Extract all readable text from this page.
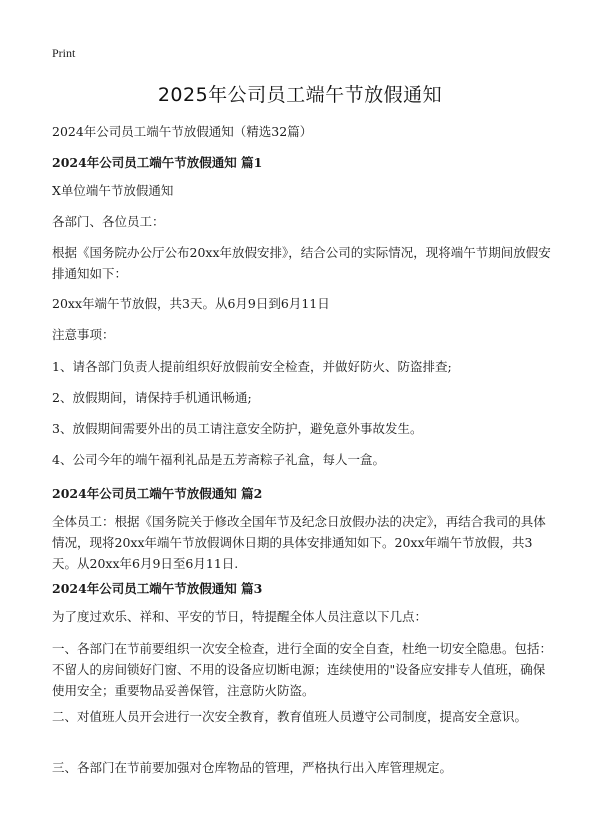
Print
2025年公司员工端午节放假通知

2024年公司员工端午节放假通知（精选32篇）

2024年公司员工端午节放假通知 篇1

X单位端午节放假通知

各部门、各位员工：

根据《国务院办公厅公布20xx年放假安排》，结合公司的实际情况，现将端午节期间放假安排通知如下：

20xx年端午节放假，共3天。从6月9日到6月11日

注意事项：

1、请各部门负责人提前组织好放假前安全检查，并做好防火、防盗排查;

2、放假期间，请保持手机通讯畅通;

3、放假期间需要外出的员工请注意安全防护，避免意外事故发生。

4、公司今年的端午福利礼品是五芳斋粽子礼盒，每人一盒。

2024年公司员工端午节放假通知 篇2

全体员工：根据《国务院关于修改全国年节及纪念日放假办法的决定》，再结合我司的具体情况，现将20xx年端午节放假调休日期的具体安排通知如下。20xx年端午节放假，共3天。从20xx年6月9日至6月11日.

2024年公司员工端午节放假通知 篇3

为了度过欢乐、祥和、平安的节日，特提醒全体人员注意以下几点：

一、各部门在节前要组织一次安全检查，进行全面的安全自查，杜绝一切安全隐患。包括：不留人的房间锁好门窗、不用的设备应切断电源；连续使用的"设备应安排专人值班，确保使用安全；重要物品妥善保管，注意防火防盗。

二、对值班人员开会进行一次安全教育，教育值班人员遵守公司制度，提高安全意识。

三、各部门在节前要加强对仓库物品的管理，严格执行出入库管理规定。
